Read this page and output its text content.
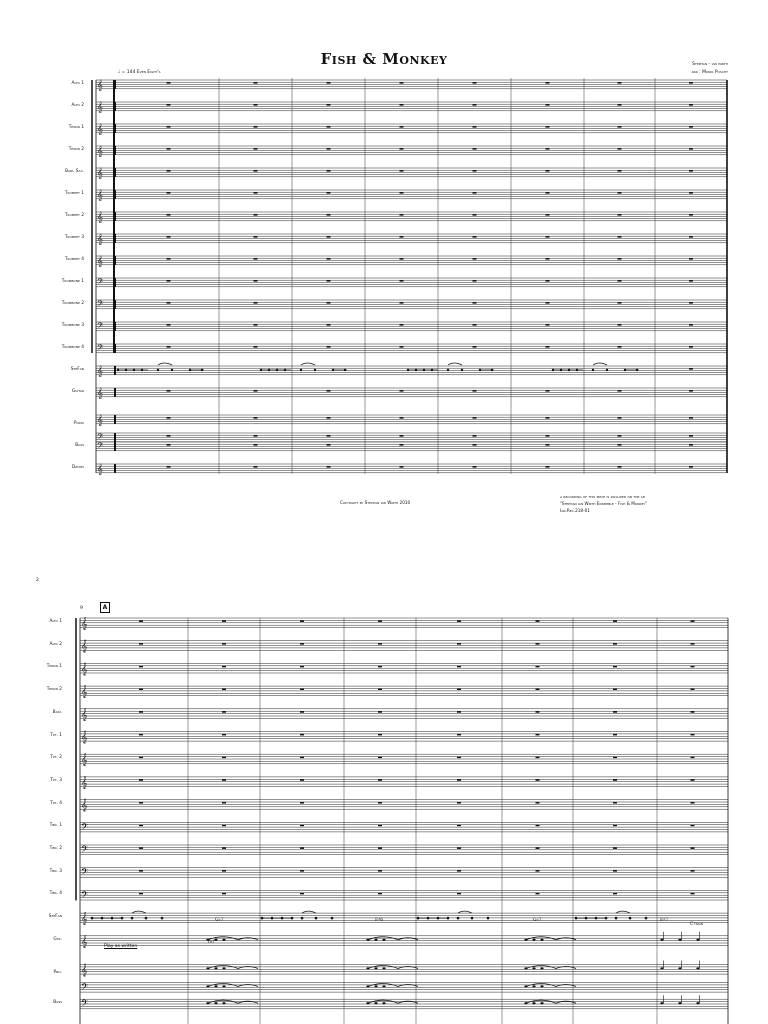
𝄞
𝄞
𝄞
𝄞
𝄞
𝄞
𝄞
𝄞
𝄞
𝄢
𝄢
𝄢
𝄢
𝄞
𝄞
𝄞
𝄢
𝄢
𝄞
𝄞
𝄞
𝄞
𝄞
𝄞
𝄞
𝄞
𝄞
𝄞
𝄢
𝄢
𝄢
𝄢
𝄞
𝄞
𝄞
𝄢
𝄢
Fish & Monkey	Stephan - ian wirth
arr : Monik Poscht
♩ = 144 Even Eight's
Alto 1
Alto 2
Tenor 1
Tenor 2
Bari. Sax.
Trumpet 1
Trumpet 2
Trumpet 3
Trumpet 4
Trombone 1
Trombone 2
Trombone 3
Trombone 4
SteFan
Guitar
Piano
Bass
Drums
Copyright by Stephan ian Wirth 2010
a recording of this piece is included on the cd
"Stephan ian Wirth Ensemble - Fish & Monkey"
Ian.Rec.218-01
2
9	A
Alto 1
Alto 2
Tenor 1
Tenor 2
Bari.
Tpt. 1
Tpt. 2
Tpt. 3
Tpt. 4
Tbn. 1
Tbn. 2
Tbn. 3
Tbn. 4
SteFan
Gtr.
Pno.
Bass
G♭7	F♯6	G♭7	F♯7
C♯sus
mf
Play as written
